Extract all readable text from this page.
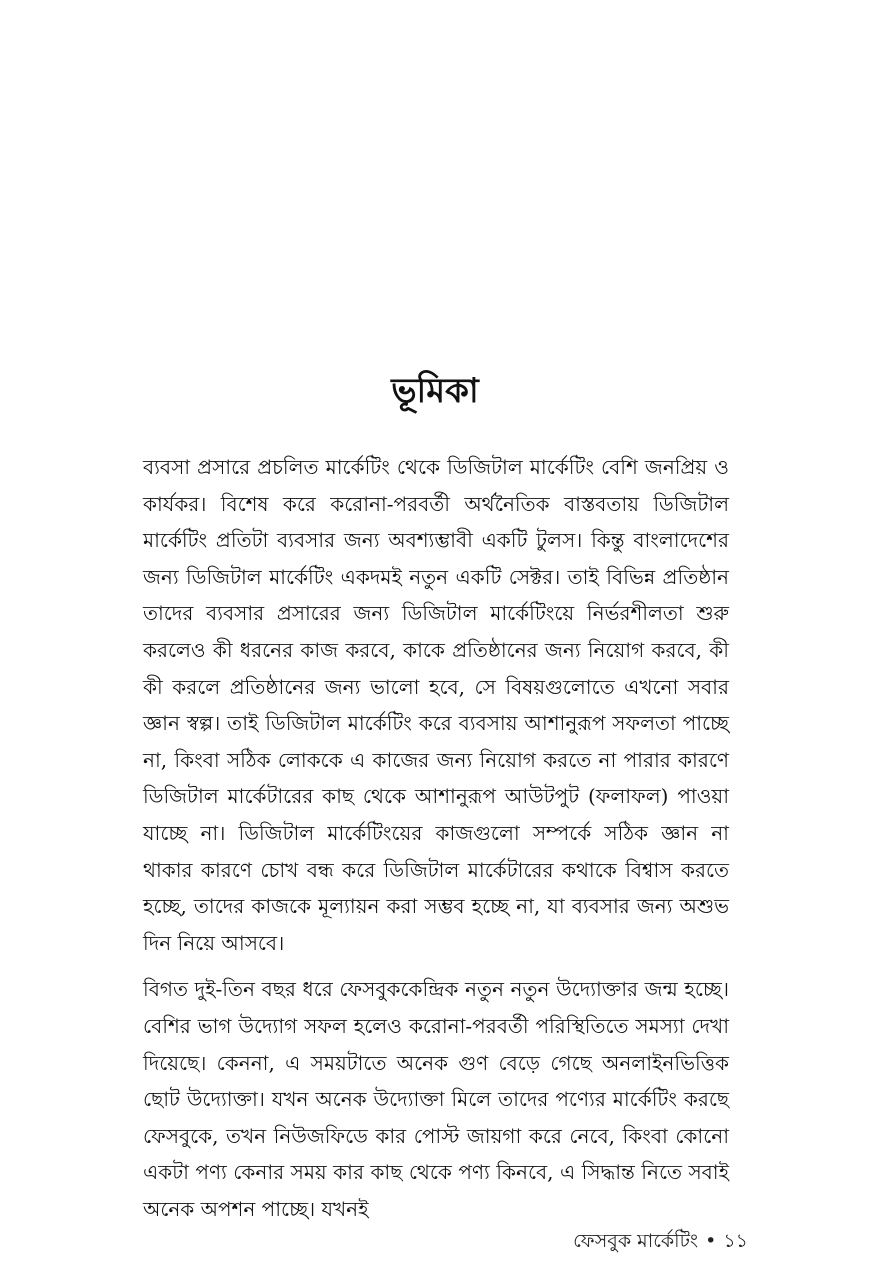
ভূমিকা

ব্যবসা প্রসারে প্রচলিত মার্কেটিং থেকে ডিজিটাল মার্কেটিং বেশি জনপ্রিয় ও কার্যকর। বিশেষ করে করোনা-পরবর্তী অর্থনৈতিক বাস্তবতায় ডিজিটাল মার্কেটিং প্রতিটা ব্যবসার জন্য অবশ্যম্ভাবী একটি টুলস। কিন্তু বাংলাদেশের জন্য ডিজিটাল মার্কেটিং একদমই নতুন একটি সেক্টর। তাই বিভিন্ন প্রতিষ্ঠান তাদের ব্যবসার প্রসারের জন্য ডিজিটাল মার্কেটিংয়ে নির্ভরশীলতা শুরু করলেও কী ধরনের কাজ করবে, কাকে প্রতিষ্ঠানের জন্য নিয়োগ করবে, কী কী করলে প্রতিষ্ঠানের জন্য ভালো হবে, সে বিষয়গুলোতে এখনো সবার জ্ঞান স্বল্প। তাই ডিজিটাল মার্কেটিং করে ব্যবসায় আশানুরূপ সফলতা পাচ্ছে না, কিংবা সঠিক লোককে এ কাজের জন্য নিয়োগ করতে না পারার কারণে ডিজিটাল মার্কেটারের কাছ থেকে আশানুরূপ আউটপুট (ফলাফল) পাওয়া যাচ্ছে না। ডিজিটাল মার্কেটিংয়ের কাজগুলো সম্পর্কে সঠিক জ্ঞান না থাকার কারণে চোখ বন্ধ করে ডিজিটাল মার্কেটারের কথাকে বিশ্বাস করতে হচ্ছে, তাদের কাজকে মূল্যায়ন করা সম্ভব হচ্ছে না, যা ব্যবসার জন্য অশুভ দিন নিয়ে আসবে।

বিগত দুই-তিন বছর ধরে ফেসবুককেন্দ্রিক নতুন নতুন উদ্যোক্তার জন্ম হচ্ছে। বেশির ভাগ উদ্যোগ সফল হলেও করোনা-পরবর্তী পরিস্থিতিতে সমস্যা দেখা দিয়েছে। কেননা, এ সময়টাতে অনেক গুণ বেড়ে গেছে অনলাইনভিত্তিক ছোট উদ্যোক্তা। যখন অনেক উদ্যোক্তা মিলে তাদের পণ্যের মার্কেটিং করছে ফেসবুকে, তখন নিউজফিডে কার পোস্ট জায়গা করে নেবে, কিংবা কোনো একটা পণ্য কেনার সময় কার কাছ থেকে পণ্য কিনবে, এ সিদ্ধান্ত নিতে সবাই অনেক অপশন পাচ্ছে। যখনই

ফেসবুক মার্কেটিং • ১১
